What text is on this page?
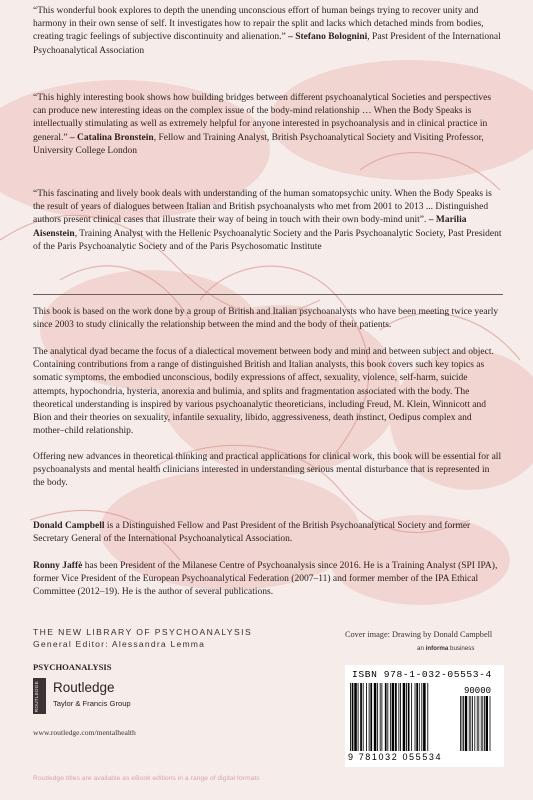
“This wonderful book explores to depth the unending unconscious effort of human beings trying to recover unity and harmony in their own sense of self. It investigates how to repair the split and lacks which detached minds from bodies, creating tragic feelings of subjective discontinuity and alienation.” – Stefano Bolognini, Past President of the International Psychoanalytical Association

“This highly interesting book shows how building bridges between different psychoanalytical Societies and perspectives can produce new interesting ideas on the complex issue of the body-mind relationship … When the Body Speaks is intellectually stimulating as well as extremely helpful for anyone interested in psychoanalysis and in clinical practice in general.” – Catalina Bronstein, Fellow and Training Analyst, British Psychoanalytical Society and Visiting Professor, University College London

“This fascinating and lively book deals with understanding of the human somatopsychic unity. When the Body Speaks is the result of years of dialogues between Italian and British psychoanalysts who met from 2001 to 2013 ... Distinguished authors present clinical cases that illustrate their way of being in touch with their own body-mind unit”. – Marilia Aisenstein, Training Analyst with the Hellenic Psychoanalytic Society and the Paris Psychoanalytic Society, Past President of the Paris Psychoanalytic Society and of the Paris Psychosomatic Institute

This book is based on the work done by a group of British and Italian psychoanalysts who have been meeting twice yearly since 2003 to study clinically the relationship between the mind and the body of their patients.

The analytical dyad became the focus of a dialectical movement between body and mind and between subject and object. Containing contributions from a range of distinguished British and Italian analysts, this book covers such key topics as somatic symptoms, the embodied unconscious, bodily expressions of affect, sexuality, violence, self-harm, suicide attempts, hypochondria, hysteria, anorexia and bulimia, and splits and fragmentation associated with the body. The theoretical understanding is inspired by various psychoanalytic theoreticians, including Freud, M. Klein, Winnicott and Bion and their theories on sexuality, infantile sexuality, libido, aggressiveness, death instinct, Oedipus complex and mother–child relationship.

Offering new advances in theoretical thinking and practical applications for clinical work, this book will be essential for all psychoanalysts and mental health clinicians interested in understanding serious mental disturbance that is represented in the body.

Donald Campbell is a Distinguished Fellow and Past President of the British Psychoanalytical Society and former Secretary General of the International Psychoanalytical Association.

Ronny Jaffè has been President of the Milanese Centre of Psychoanalysis since 2016. He is a Training Analyst (SPI IPA), former Vice President of the European Psychoanalytical Federation (2007–11) and former member of the IPA Ethical Committee (2012–19). He is the author of several publications.

THE NEW LIBRARY OF PSYCHOANALYSIS
General Editor: Alessandra Lemma
Cover image: Drawing by Donald Campbell
an informa business
PSYCHOANALYSIS
ROUTLEDGE Routledge
Taylor & Francis Group
www.routledge.com/mentalhealth
ISBN 978-1-032-05553-4
90000
9 781032 055534
Routledge titles are available as eBook editions in a range of digital formats
